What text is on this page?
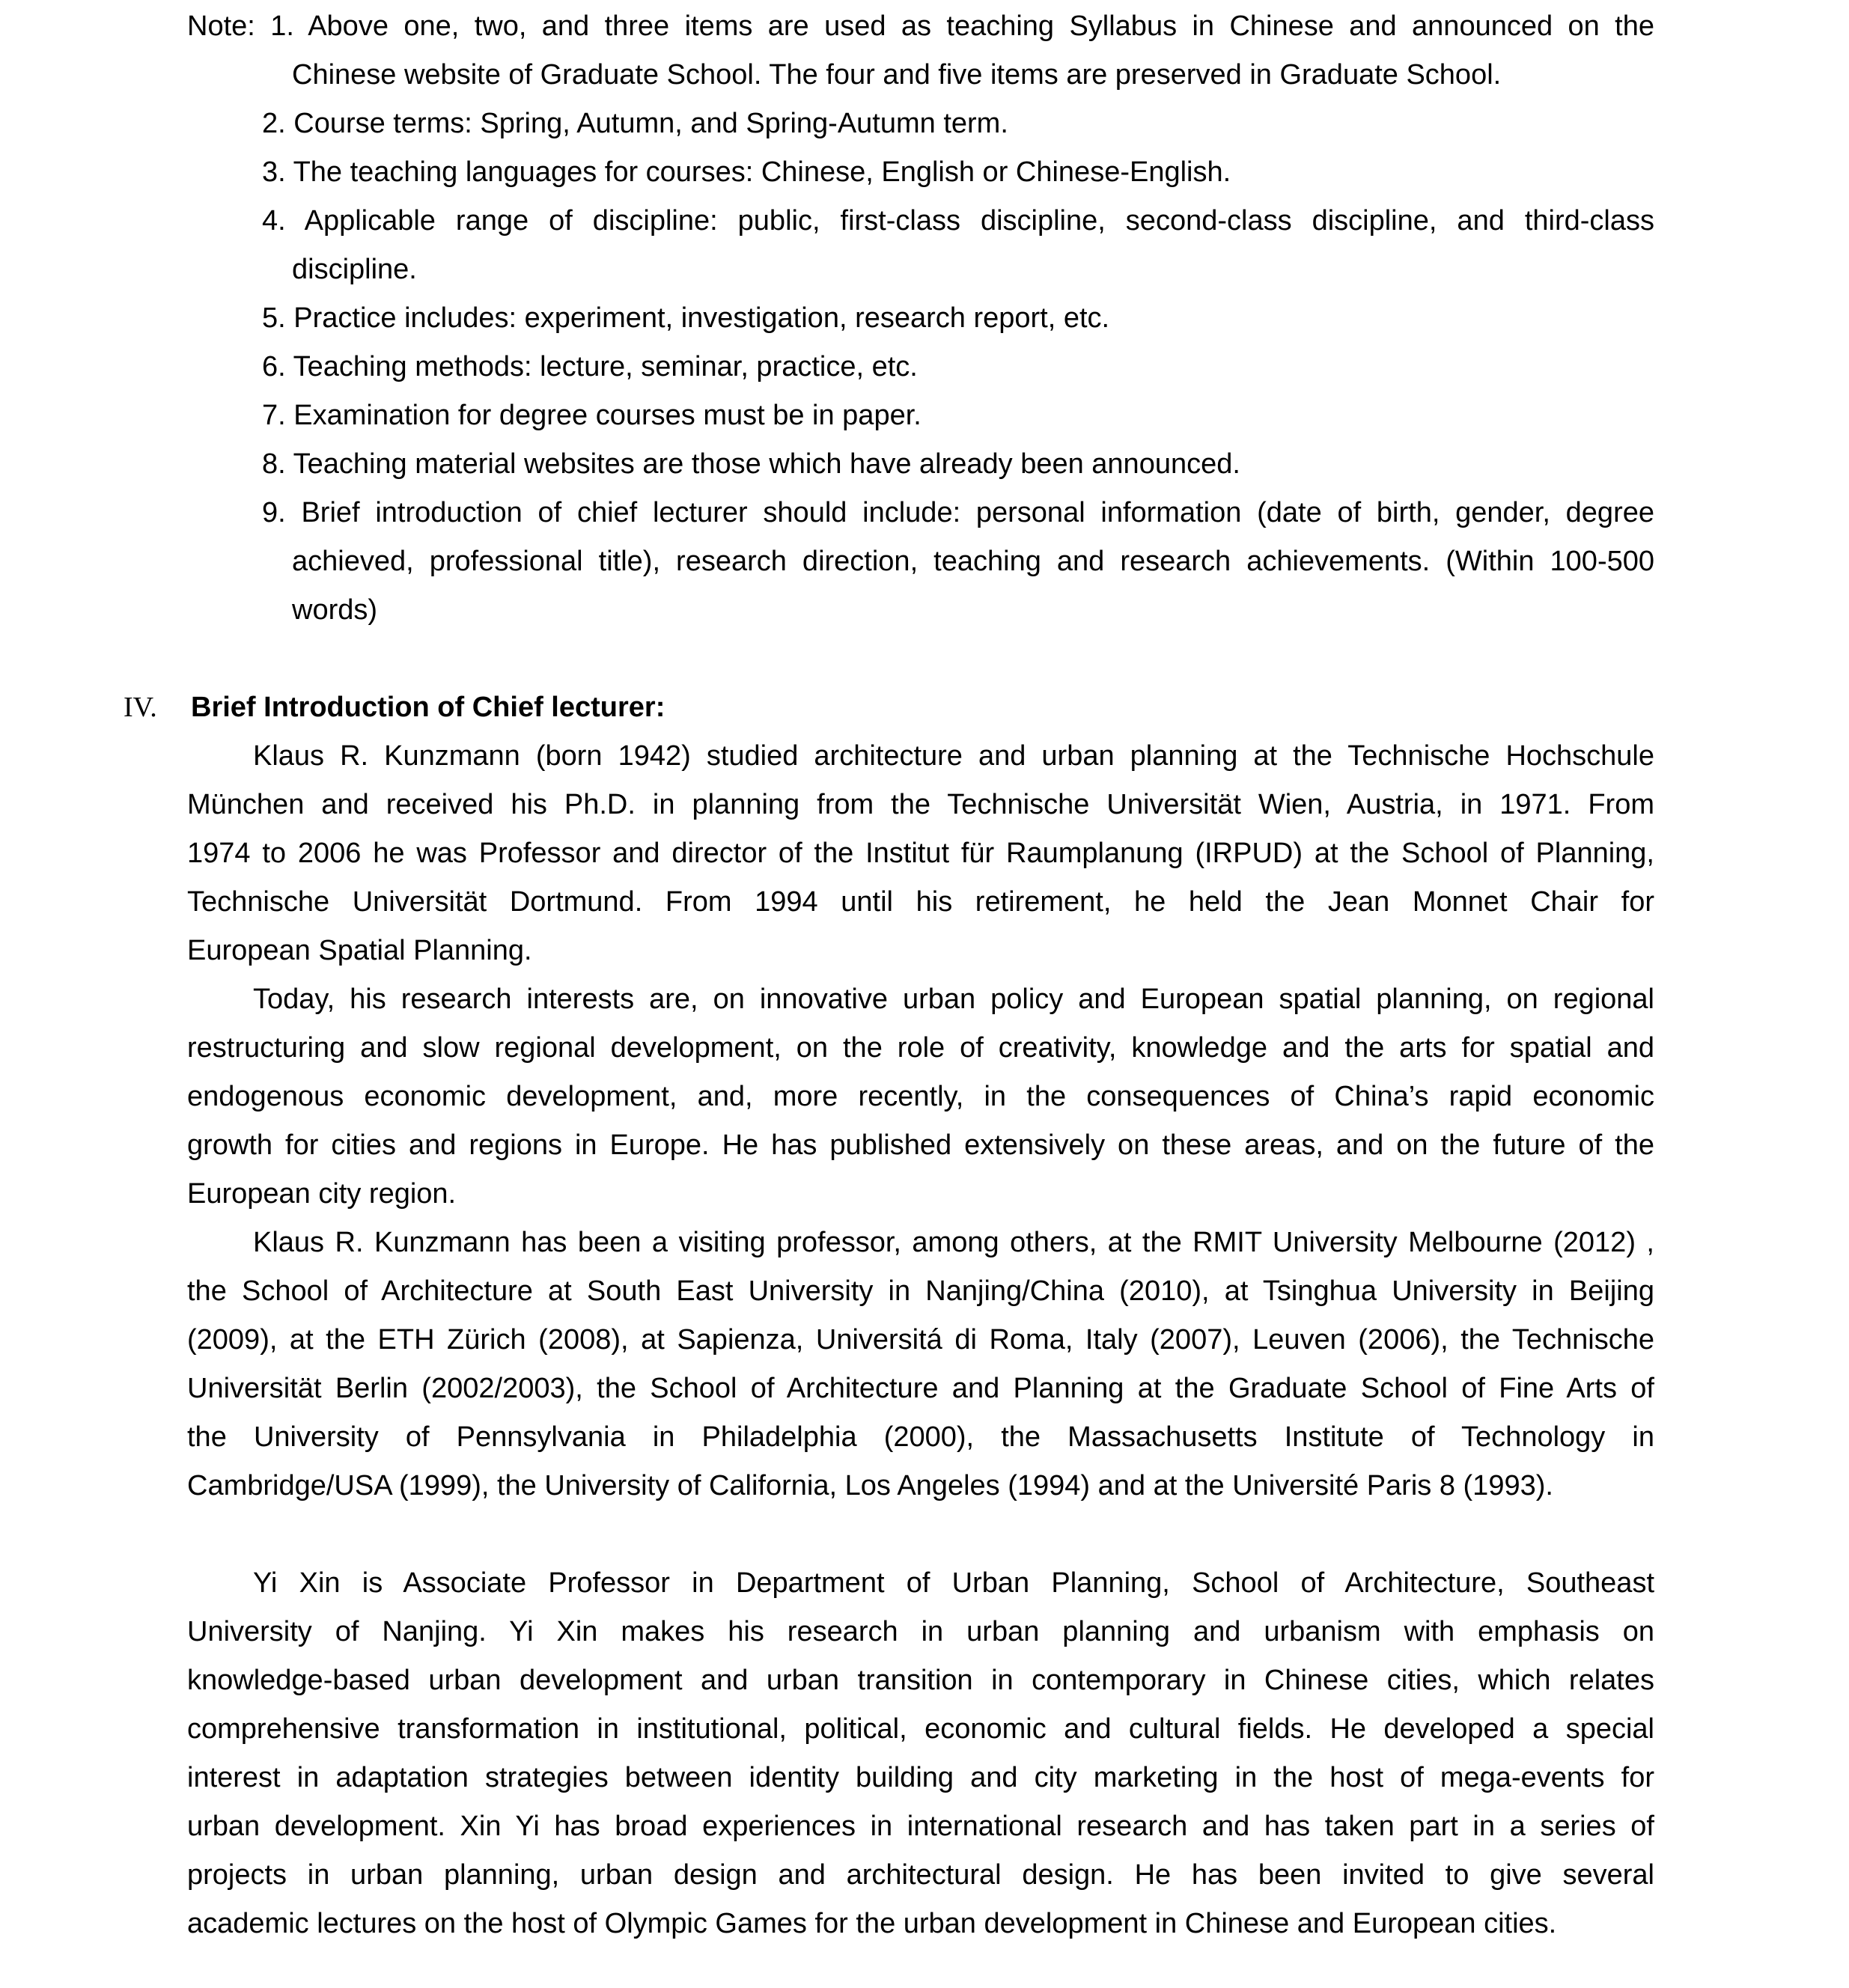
Note: 1. Above one, two, and three items are used as teaching Syllabus in Chinese and announced on the
Chinese website of Graduate School. The four and five items are preserved in Graduate School.
2. Course terms: Spring, Autumn, and Spring-Autumn term.
3. The teaching languages for courses: Chinese, English or Chinese-English.
4. Applicable range of discipline: public, first-class discipline, second-class discipline, and third-class
discipline.
5. Practice includes: experiment, investigation, research report, etc.
6. Teaching methods: lecture, seminar, practice, etc.
7. Examination for degree courses must be in paper.
8. Teaching material websites are those which have already been announced.
9. Brief introduction of chief lecturer should include: personal information (date of birth, gender, degree
achieved, professional title), research direction, teaching and research achievements. (Within 100-500
words)
IV. Brief Introduction of Chief lecturer:
Klaus R. Kunzmann (born 1942) studied architecture and urban planning at the Technische Hochschule
München and received his Ph.D. in planning from the Technische Universität Wien, Austria, in 1971. From
1974 to 2006 he was Professor and director of the Institut für Raumplanung (IRPUD) at the School of Planning,
Technische Universität Dortmund. From 1994 until his retirement, he held the Jean Monnet Chair for
European Spatial Planning.
Today, his research interests are, on innovative urban policy and European spatial planning, on regional
restructuring and slow regional development, on the role of creativity, knowledge and the arts for spatial and
endogenous economic development, and, more recently, in the consequences of China’s rapid economic
growth for cities and regions in Europe. He has published extensively on these areas, and on the future of the
European city region.
Klaus R. Kunzmann has been a visiting professor, among others, at the RMIT University Melbourne (2012) ,
the School of Architecture at South East University in Nanjing/China (2010), at Tsinghua University in Beijing
(2009), at the ETH Zürich (2008), at Sapienza, Universitá di Roma, Italy (2007), Leuven (2006), the Technische
Universität Berlin (2002/2003), the School of Architecture and Planning at the Graduate School of Fine Arts of
the University of Pennsylvania in Philadelphia (2000), the Massachusetts Institute of Technology in
Cambridge/USA (1999), the University of California, Los Angeles (1994) and at the Université Paris 8 (1993).
Yi Xin is Associate Professor in Department of Urban Planning, School of Architecture, Southeast
University of Nanjing. Yi Xin makes his research in urban planning and urbanism with emphasis on
knowledge-based urban development and urban transition in contemporary in Chinese cities, which relates
comprehensive transformation in institutional, political, economic and cultural fields. He developed a special
interest in adaptation strategies between identity building and city marketing in the host of mega-events for
urban development. Xin Yi has broad experiences in international research and has taken part in a series of
projects in urban planning, urban design and architectural design. He has been invited to give several
academic lectures on the host of Olympic Games for the urban development in Chinese and European cities.
